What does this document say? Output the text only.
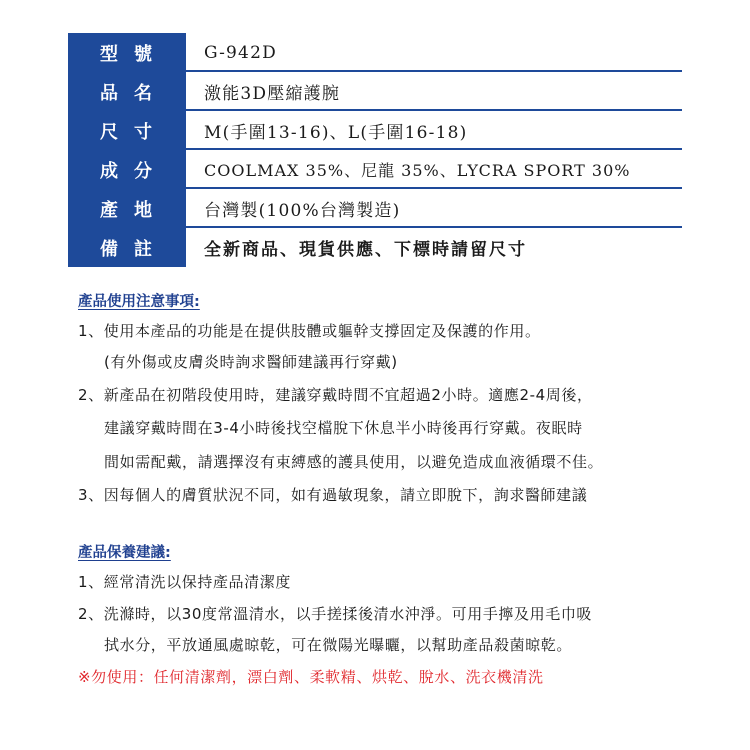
型號	G-942D
品名	激能3D壓縮護腕
尺寸	M(手圍13-16)、L(手圍16-18)
成分	COOLMAX 35%、尼龍 35%、LYCRA SPORT 30%
產地	台灣製(100%台灣製造)
備註	全新商品、現貨供應、下標時請留尺寸
產品使用注意事項:
1、使用本產品的功能是在提供肢體或軀幹支撐固定及保護的作用。
(有外傷或皮膚炎時詢求醫師建議再行穿戴)
2、新產品在初階段使用時，建議穿戴時間不宜超過2小時。適應2-4周後，
建議穿戴時間在3-4小時後找空檔脫下休息半小時後再行穿戴。夜眠時
間如需配戴，請選擇沒有束縛感的護具使用，以避免造成血液循環不佳。
3、因每個人的膚質狀況不同，如有過敏現象，請立即脫下，詢求醫師建議
產品保養建議:
1、經常清洗以保持產品清潔度
2、洗滌時，以30度常溫清水，以手搓揉後清水沖淨。可用手擰及用毛巾吸
拭水分，平放通風處晾乾，可在微陽光曝曬，以幫助產品殺菌晾乾。
※勿使用：任何清潔劑，漂白劑、柔軟精、烘乾、脫水、洗衣機清洗
